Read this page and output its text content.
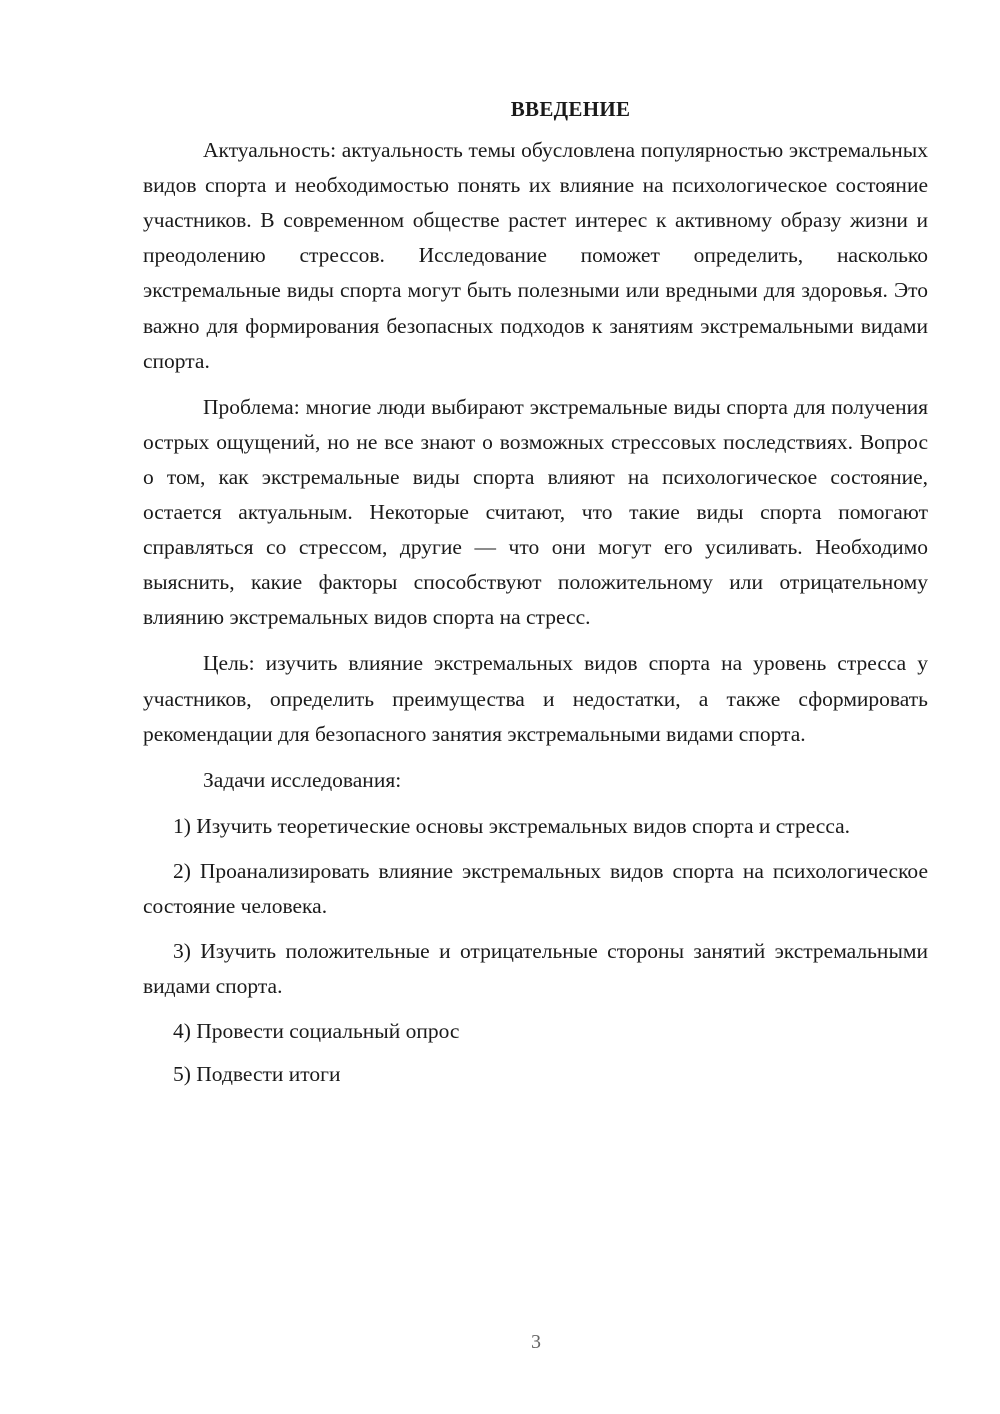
ВВЕДЕНИЕ

Актуальность: актуальность темы обусловлена популярностью экстремальных видов спорта и необходимостью понять их влияние на психологическое состояние участников. В современном обществе растет интерес к активному образу жизни и преодолению стрессов. Исследование поможет определить, насколько экстремальные виды спорта могут быть полезными или вредными для здоровья. Это важно для формирования безопасных подходов к занятиям экстремальными видами спорта.

Проблема: многие люди выбирают экстремальные виды спорта для получения острых ощущений, но не все знают о возможных стрессовых последствиях. Вопрос о том, как экстремальные виды спорта влияют на психологическое состояние, остается актуальным. Некоторые считают, что такие виды спорта помогают справляться со стрессом, другие — что они могут его усиливать. Необходимо выяснить, какие факторы способствуют положительному или отрицательному влиянию экстремальных видов спорта на стресс.

Цель: изучить влияние экстремальных видов спорта на уровень стресса у участников, определить преимущества и недостатки, а также сформировать рекомендации для безопасного занятия экстремальными видами спорта.

Задачи исследования:

1) Изучить теоретические основы экстремальных видов спорта и стресса.

2) Проанализировать влияние экстремальных видов спорта на психологическое состояние человека.

3) Изучить положительные и отрицательные стороны занятий экстремальными видами спорта.

4) Провести социальный опрос

5) Подвести итоги

3
